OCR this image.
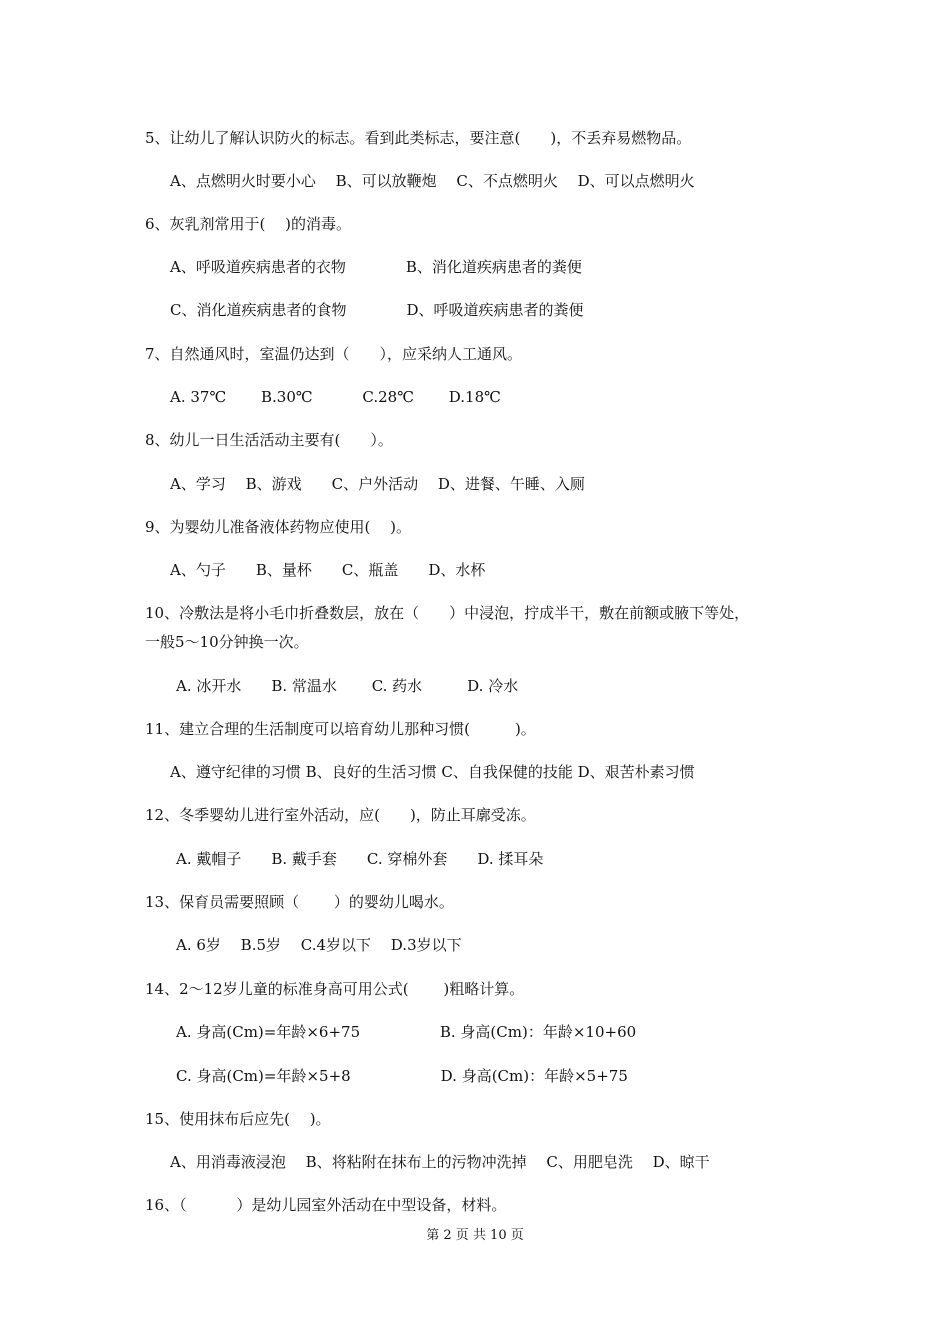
5、让幼儿了解认识防火的标志。看到此类标志，要注意(　　)，不丢弃易燃物品。
A、点燃明火时要小心　 B、可以放鞭炮　 C、不点燃明火　 D、可以点燃明火
6、灰乳剂常用于(　 )的消毒。
A、呼吸道疾病患者的衣物　　　　B、消化道疾病患者的粪便
C、消化道疾病患者的食物　　　　D、呼吸道疾病患者的粪便
7、自然通风时，室温仍达到（　　），应采纳人工通风。
A. 37℃　　 B.30℃　　　 C.28℃　　 D.18℃
8、幼儿一日生活活动主要有(　　）。
A、学习　 B、游戏　　C、户外活动　 D、进餐、午睡、入厕
9、为婴幼儿准备液体药物应使用(　 )。
A、勺子　　B、量杯　　C、瓶盖　　D、水杯
10、冷敷法是将小毛巾折叠数层，放在（　　）中浸泡，拧成半干，敷在前额或腋下等处，
一般5～10分钟换一次。
A. 冰开水　　B. 常温水　　 C. 药水　　　D. 冷水
11、建立合理的生活制度可以培育幼儿那种习惯(　　　)。
A、遵守纪律的习惯 B、良好的生活习惯 C、自我保健的技能 D、艰苦朴素习惯
12、冬季婴幼儿进行室外活动，应(　　)，防止耳廓受冻。
A. 戴帽子　　B. 戴手套　　C. 穿棉外套　　D. 揉耳朵
13、保育员需要照顾（　　 ）的婴幼儿喝水。
A. 6岁　 B.5岁　 C.4岁以下　 D.3岁以下
14、2～12岁儿童的标准身高可用公式(　　 )粗略计算。
A. 身高(Cm)=年龄×6+75　　　　　 B. 身高(Cm)：年龄×10+60
C. 身高(Cm)=年龄×5+8　　　　　　D. 身高(Cm)：年龄×5+75
15、使用抹布后应先(　 )。
A、用消毒液浸泡　 B、将粘附在抹布上的污物冲洗掉　 C、用肥皂洗　 D、晾干
16、（　　　 ）是幼儿园室外活动在中型设备，材料。
第 2 页 共 10 页
